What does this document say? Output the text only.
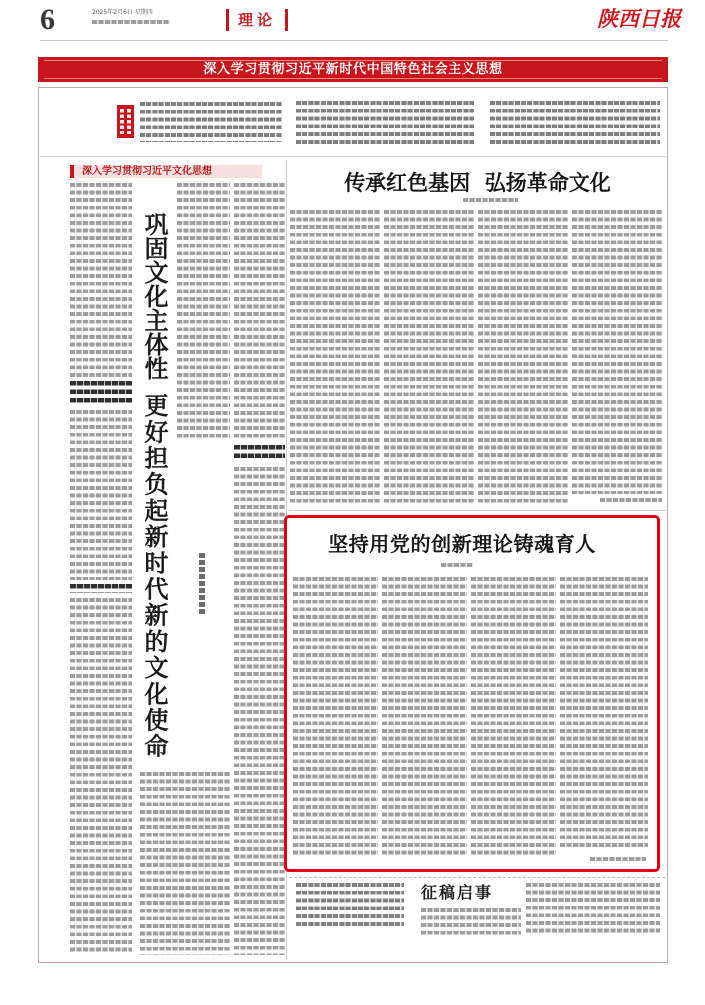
6	2025年2月6日 星期四	理论	陕西日报
深入学习贯彻习近平新时代中国特色社会主义思想
深入学习贯彻习近平文化思想
巩固文化主体性
更好担负起新时代新的文化使命
传承红色基因  弘扬革命文化
坚持用党的创新理论铸魂育人
征稿启事
